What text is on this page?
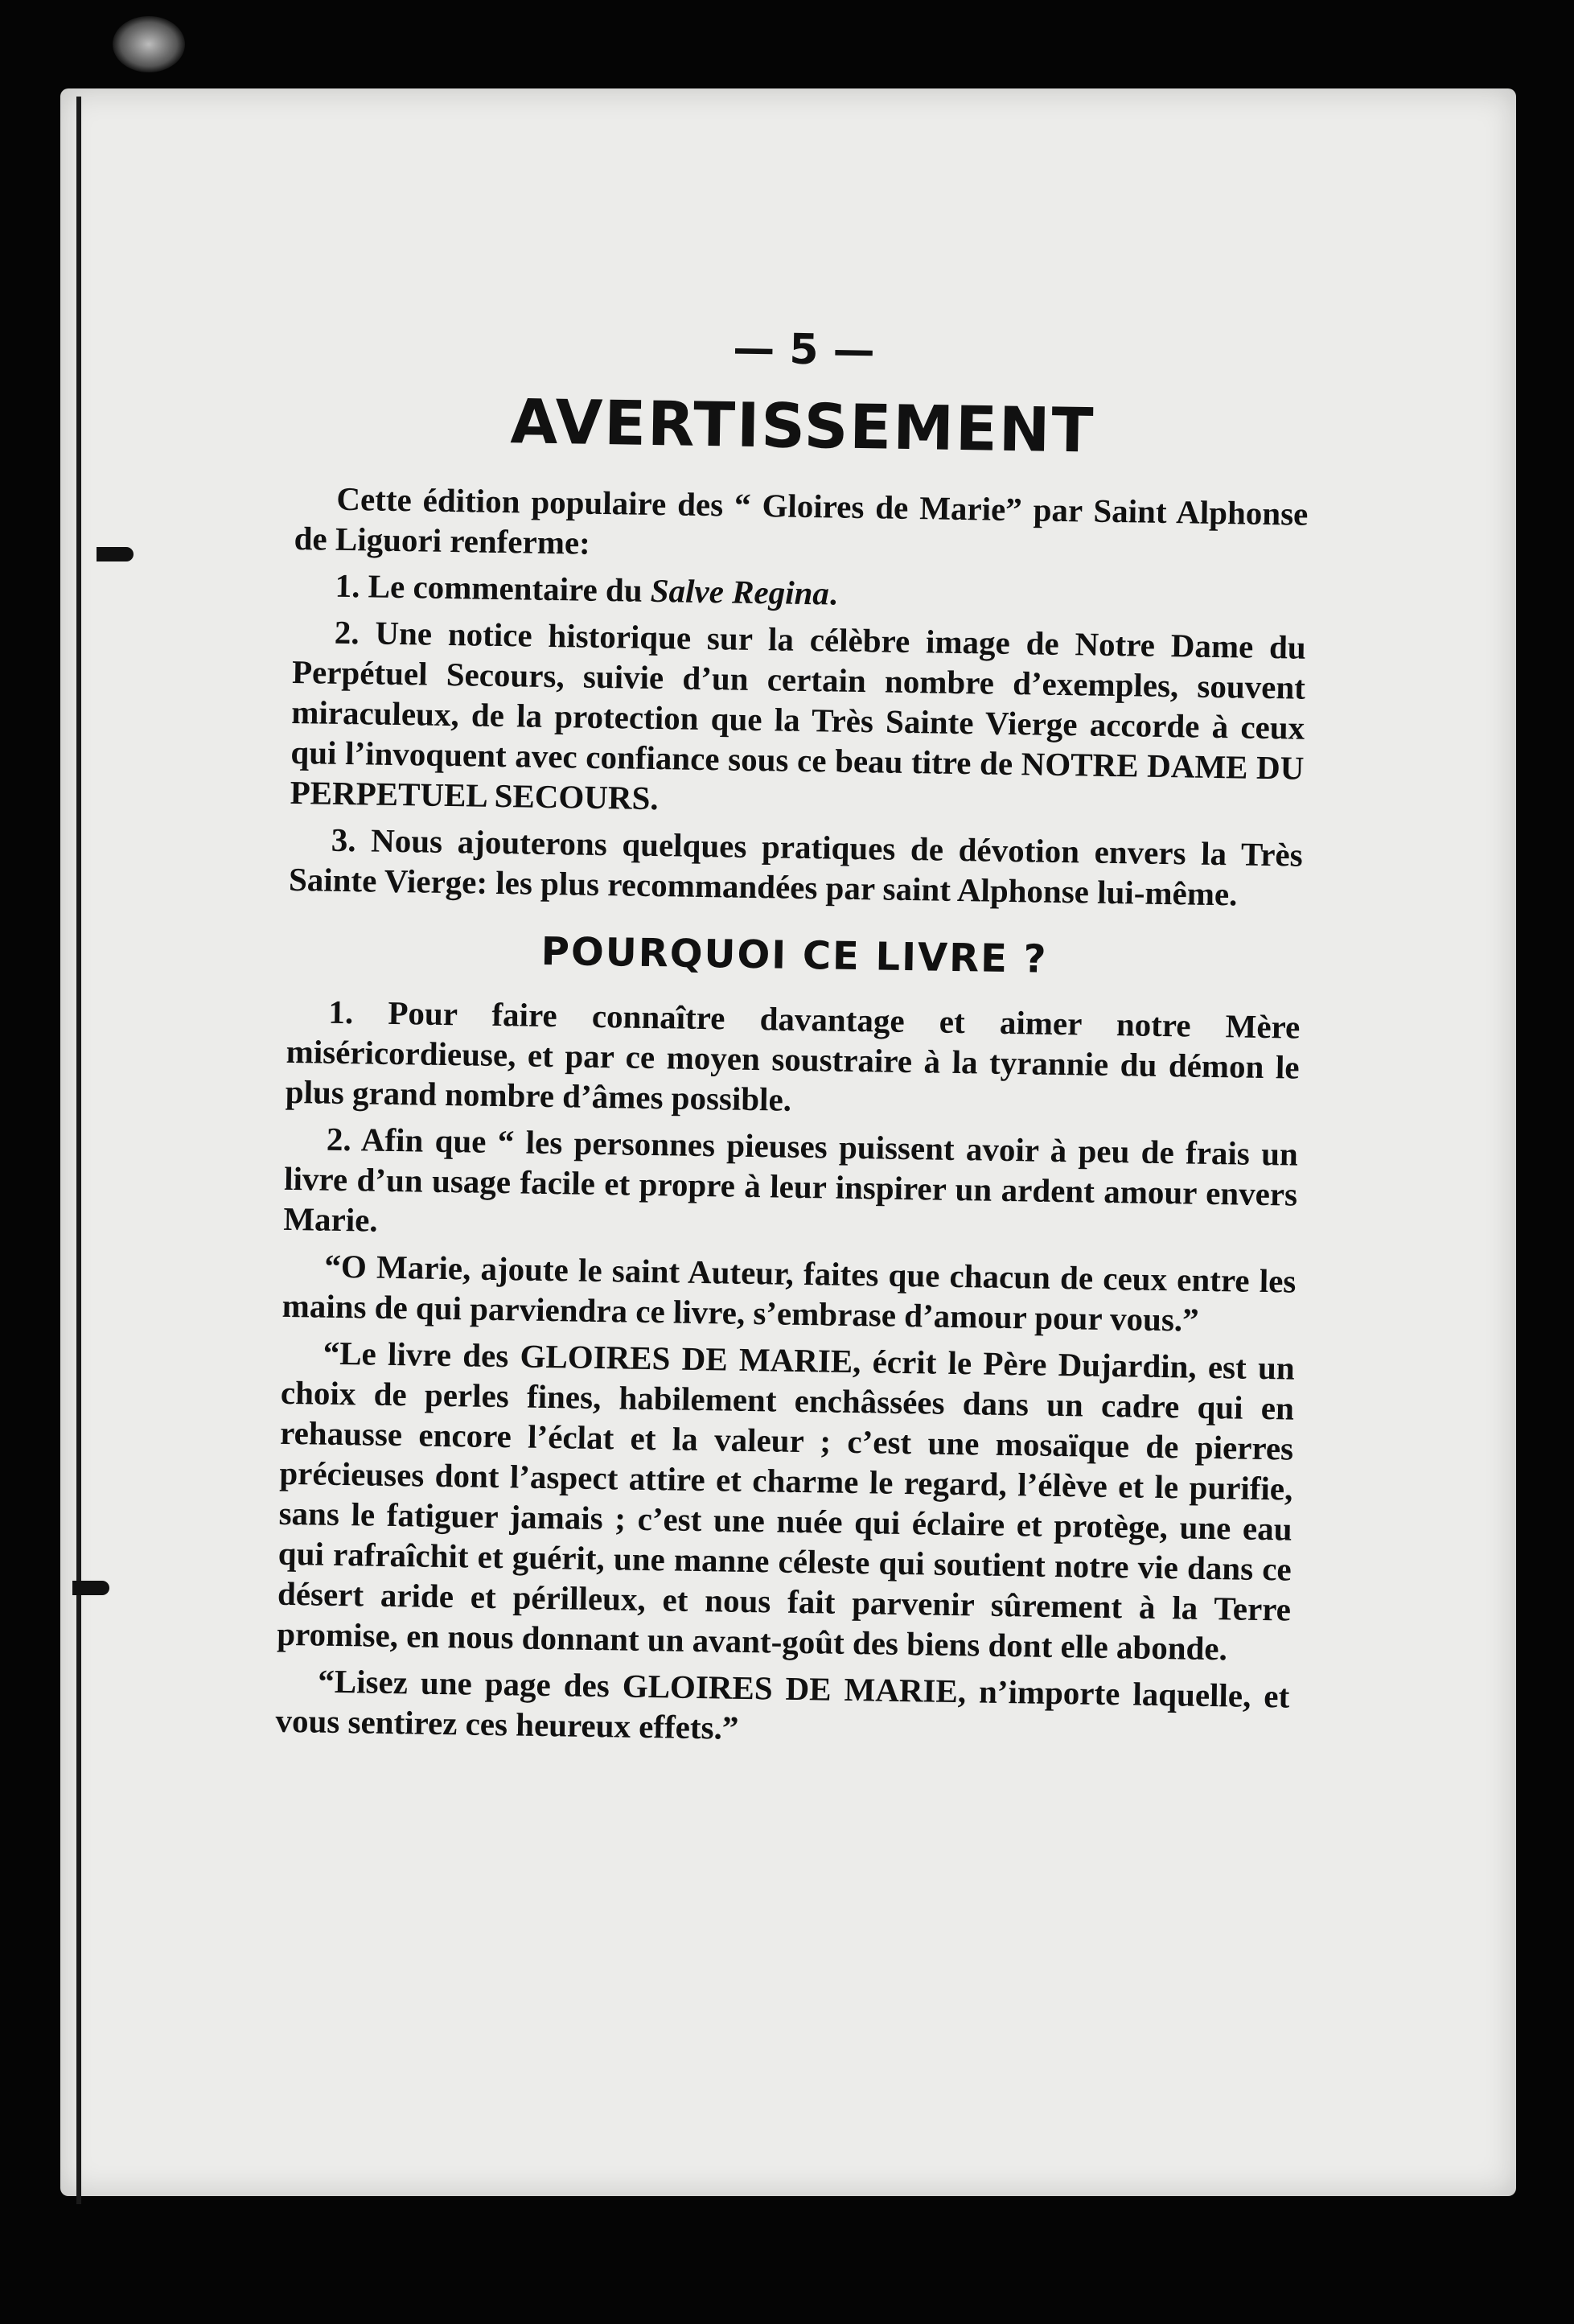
— 5 —
AVERTISSEMENT

Cette édition populaire des “ Gloires de Marie” par Saint Alphonse de Liguori renferme:

1. Le commentaire du Salve Regina.

2. Une notice historique sur la célèbre image de Notre Dame du Perpétuel Secours, suivie d’un certain nombre d’exemples, souvent miraculeux, de la protection que la Très Sainte Vierge accorde à ceux qui l’invoquent avec confiance sous ce beau titre de NOTRE DAME DU PERPETUEL SECOURS.

3. Nous ajouterons quelques pratiques de dévotion envers la Très Sainte Vierge: les plus recommandées par saint Alphonse lui-même.

POURQUOI CE LIVRE ?

1. Pour faire connaître davantage et aimer notre Mère miséricordieuse, et par ce moyen soustraire à la tyrannie du démon le plus grand nombre d’âmes possible.

2. Afin que “ les personnes pieuses puissent avoir à peu de frais un livre d’un usage facile et propre à leur inspirer un ardent amour envers Marie.

“O Marie, ajoute le saint Auteur, faites que chacun de ceux entre les mains de qui parviendra ce livre, s’embrase d’amour pour vous.”

“Le livre des GLOIRES DE MARIE, écrit le Père Dujardin, est un choix de perles fines, habilement enchâssées dans un cadre qui en rehausse encore l’éclat et la valeur ; c’est une mosaïque de pierres précieuses dont l’aspect attire et charme le regard, l’élève et le purifie, sans le fatiguer jamais ; c’est une nuée qui éclaire et protège, une eau qui rafraîchit et guérit, une manne céleste qui soutient notre vie dans ce désert aride et périlleux, et nous fait parvenir sûrement à la Terre promise, en nous donnant un avant-goût des biens dont elle abonde.

“Lisez une page des GLOIRES DE MARIE, n’importe laquelle, et vous sentirez ces heureux effets.”
